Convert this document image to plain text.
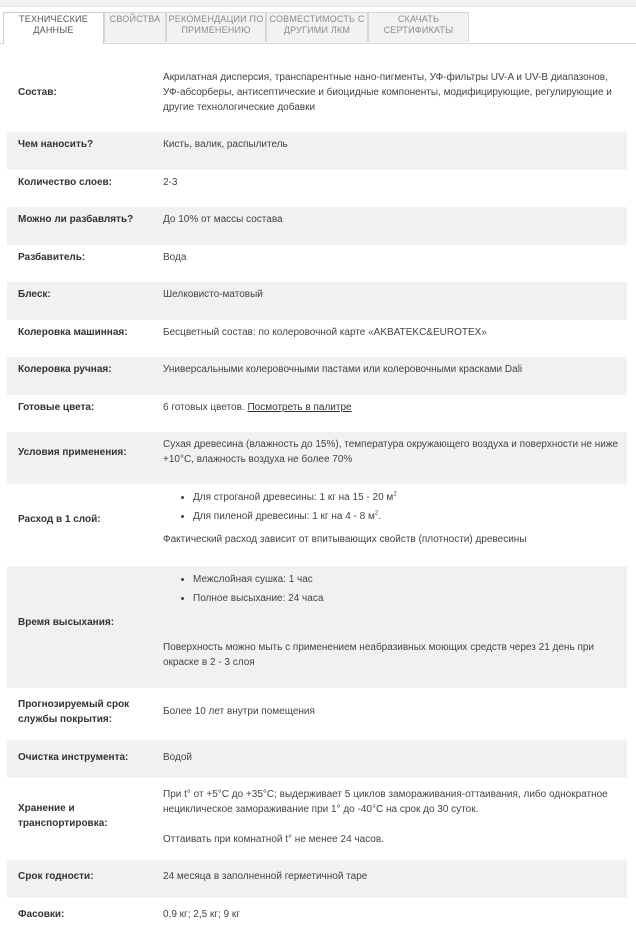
ТЕХНИЧЕСКИЕ
ДАННЫЕ
СВОЙСТВА РЕКОМЕНДАЦИИ ПО
ПРИМЕНЕНИЮ
СОВМЕСТИМОСТЬ С
ДРУГИМИ ЛКМ
СКАЧАТЬ
СЕРТИФИКАТЫ
Состав:
Акрилатная дисперсия, транспарентные нано-пигменты, УФ-фильтры UV-A и UV-B диапазонов, УФ-абсорберы, антисептические и биоцидные компоненты, модифицирующие, регулирующие и другие технологические добавки
Чем наносить?	Кисть, валик, распылитель
Количество слоев:	2-3
Можно ли разбавлять?	До 10% от массы состава
Разбавитель:	Вода
Блеск:	Шелковисто-матовый
Колеровка машинная:	Бесцветный состав: по колеровочной карте «AKBATEKC&EUROTEX»
Колеровка ручная:	Универсальными колеровочными пастами или колеровочными красками Dali
Готовые цвета:	6 готовых цветов. Посмотреть в палитре
Условия применения:
Сухая древесина (влажность до 15%), температура окружающего воздуха и поверхности не ниже +10°С, влажность воздуха не более 70%
Расход в 1 слой:
• Для строганой древесины: 1 кг на 15 - 20 $м^2$
• Для пиленой древесины: 1 кг на 4 - 8 $м^2$.

Фактический расход зависит от впитывающих свойств (плотности) древесины

Время высыхания:
• Межслойная сушка: 1 час
• Полное высыхание: 24 часа

Поверхность можно мыть с применением неабразивных моющих средств через 21 день при окраске в 2 - 3 слоя

Прогнозируемый срок службы покрытия:
Более 10 лет внутри помещения
Очистка инструмента:	Водой
Хранение и транспортировка:

При t° от +5°С до +35°С; выдерживает 5 циклов замораживания-оттаивания, либо однократное нециклическое замораживание при 1° до -40°С на срок до 30 суток.

Оттаивать при комнатной t° не менее 24 часов.

Срок годности:	24 месяца в заполненной герметичной таре
Фасовки:	0,9 кг; 2,5 кг; 9 кг
